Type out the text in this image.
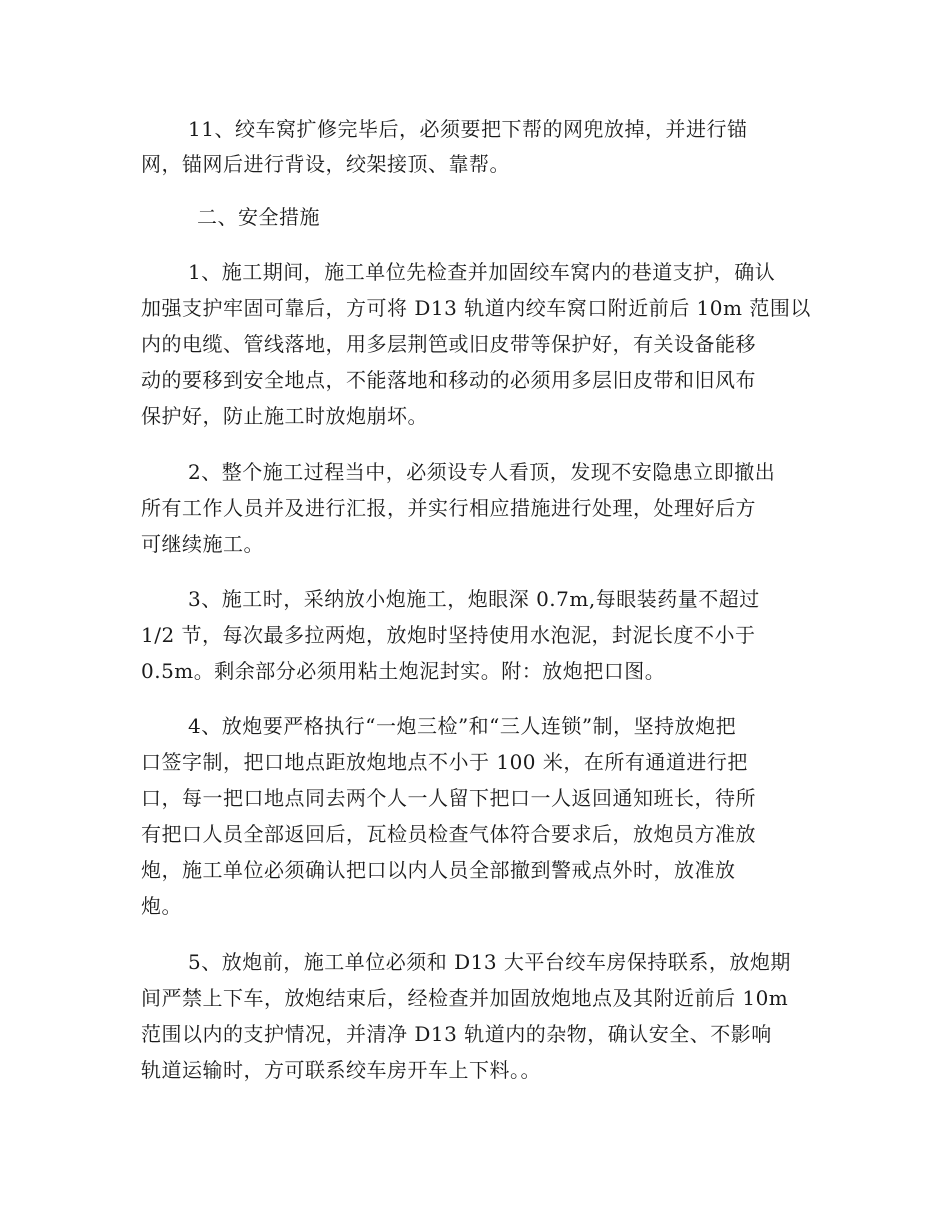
11、绞车窝扩修完毕后，必须要把下帮的网兜放掉，并进行锚
网，锚网后进行背设，绞架接顶、靠帮。
二、安全措施
1、施工期间，施工单位先检查并加固绞车窝内的巷道支护，确认
加强支护牢固可靠后，方可将 D13 轨道内绞车窝口附近前后 10m 范围以
内的电缆、管线落地，用多层荆笆或旧皮带等保护好，有关设备能移
动的要移到安全地点，不能落地和移动的必须用多层旧皮带和旧风布
保护好，防止施工时放炮崩坏。
2、整个施工过程当中，必须设专人看顶，发现不安隐患立即撤出
所有工作人员并及进行汇报，并实行相应措施进行处理，处理好后方
可继续施工。
3、施工时，采纳放小炮施工，炮眼深 0.7m,每眼装药量不超过
1/2 节，每次最多拉两炮，放炮时坚持使用水泡泥，封泥长度不小于
0.5m。剩余部分必须用粘土炮泥封实。附：放炮把口图。
4、放炮要严格执行“一炮三检”和“三人连锁”制，坚持放炮把
口签字制，把口地点距放炮地点不小于 100 米，在所有通道进行把
口，每一把口地点同去两个人一人留下把口一人返回通知班长，待所
有把口人员全部返回后，瓦检员检查气体符合要求后，放炮员方准放
炮，施工单位必须确认把口以内人员全部撤到警戒点外时，放准放
炮。
5、放炮前，施工单位必须和 D13 大平台绞车房保持联系，放炮期
间严禁上下车，放炮结束后，经检查并加固放炮地点及其附近前后 10m
范围以内的支护情况，并清净 D13 轨道内的杂物，确认安全、不影响
轨道运输时，方可联系绞车房开车上下料。。
